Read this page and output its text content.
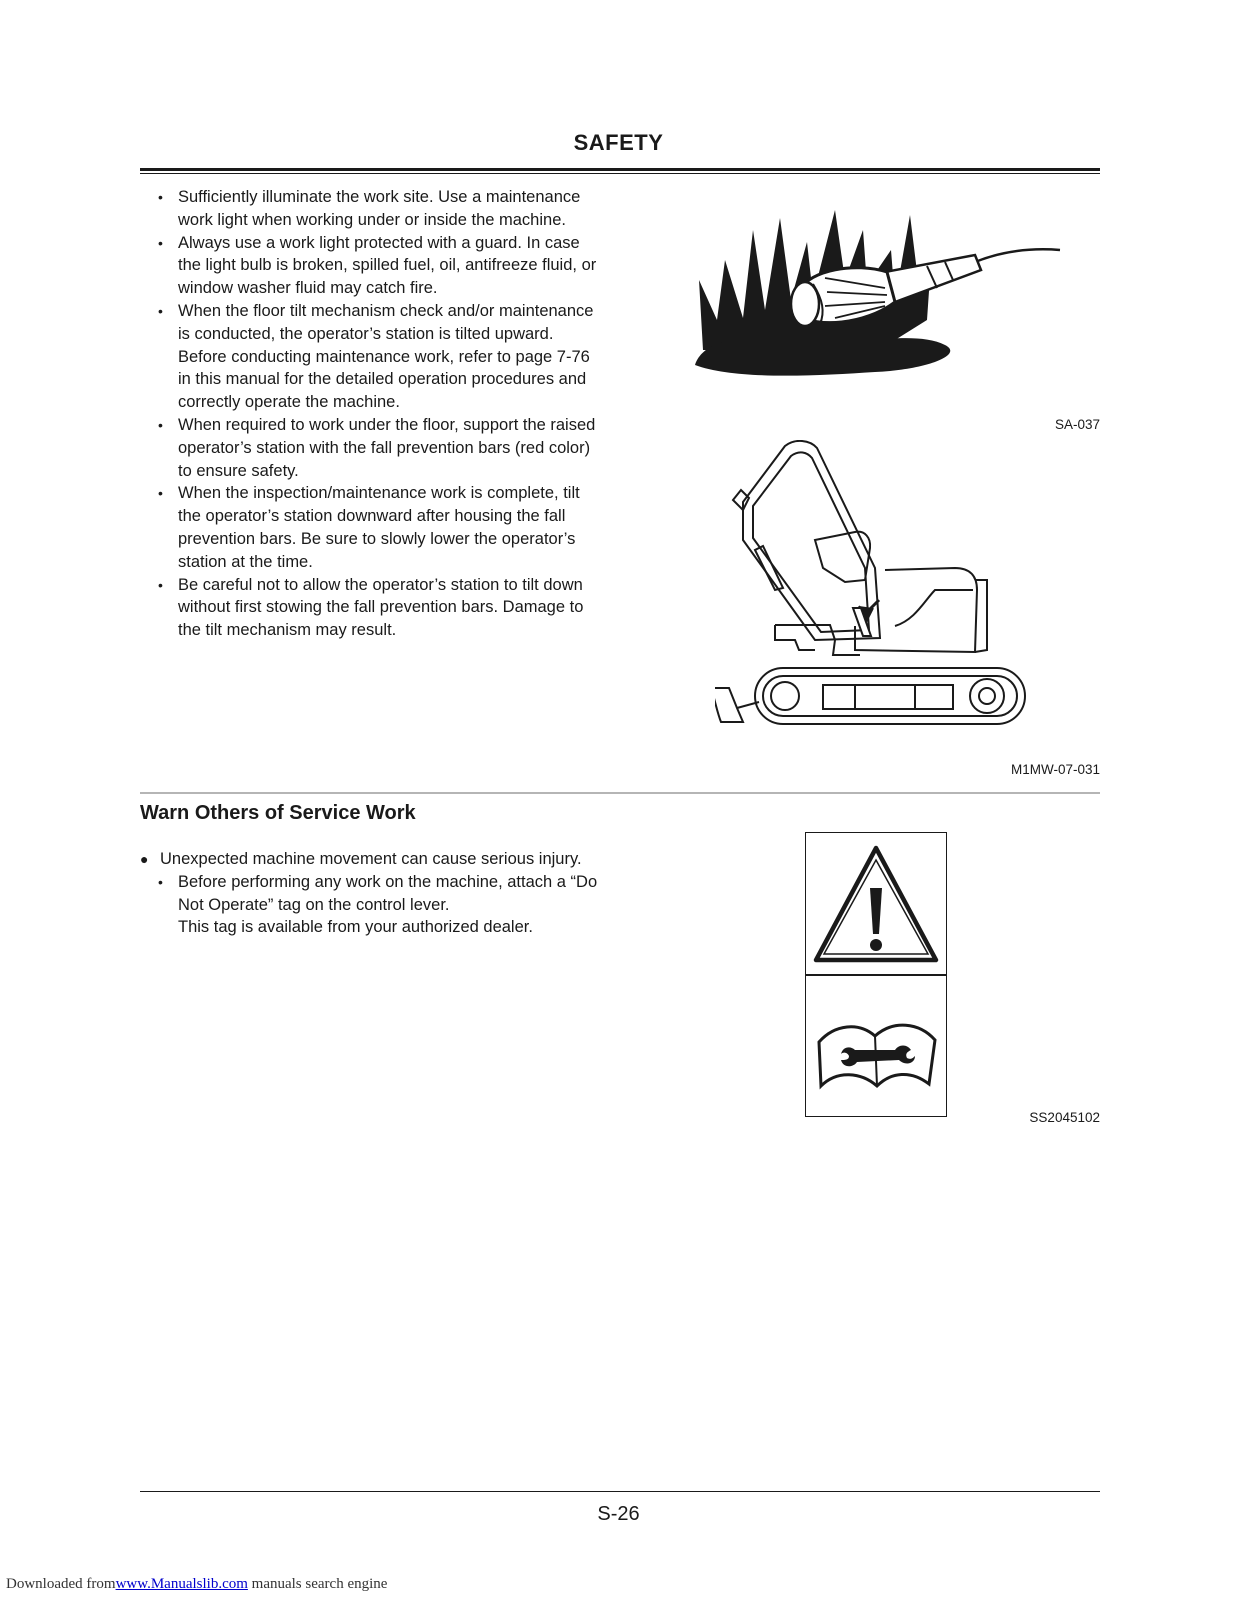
SAFETY
• Sufficiently illuminate the work site. Use a maintenance
work light when working under or inside the machine.
• Always use a work light protected with a guard. In case
the light bulb is broken, spilled fuel, oil, antifreeze fluid, or
window washer fluid may catch fire.
• When the floor tilt mechanism check and/or maintenance
is conducted, the operator’s station is tilted upward.
Before conducting maintenance work, refer to page 7-76
in this manual for the detailed operation procedures and
correctly operate the machine.
• When required to work under the floor, support the raised
operator’s station with the fall prevention bars (red color)
to ensure safety.
• When the inspection/maintenance work is complete, tilt
the operator’s station downward after housing the fall
prevention bars. Be sure to slowly lower the operator’s
station at the time.
• Be careful not to allow the operator’s station to tilt down
without first stowing the fall prevention bars. Damage to
the tilt mechanism may result.
SA-037
M1MW-07-031
Warn Others of Service Work
● Unexpected machine movement can cause serious injury.
• Before performing any work on the machine, attach a “Do
Not Operate” tag on the control lever.
This tag is available from your authorized dealer.
SS2045102
S-26
Downloaded fromwww.Manualslib.com manuals search engine
